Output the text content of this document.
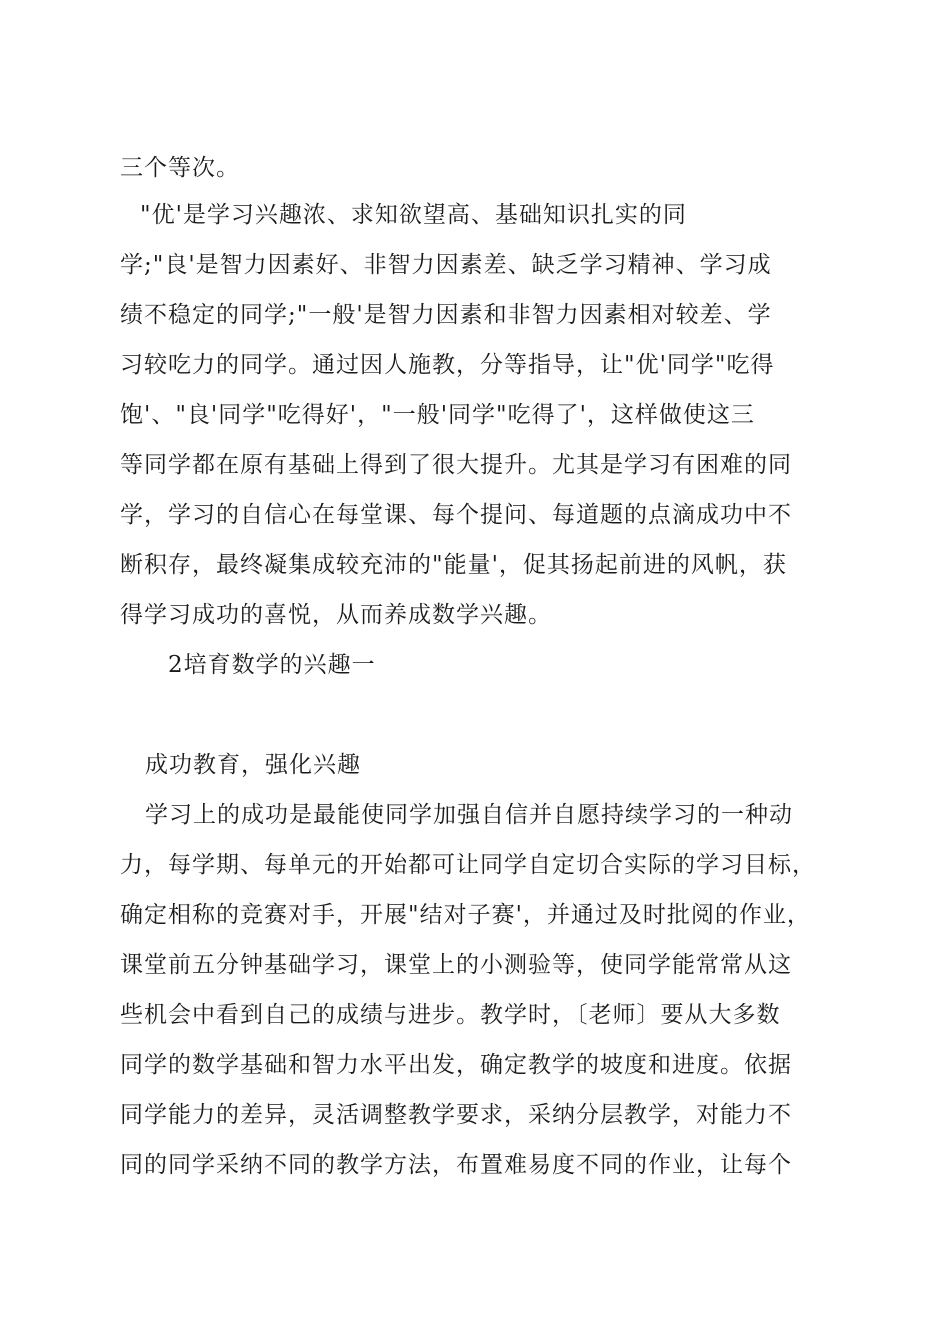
三个等次。
"优'是学习兴趣浓、求知欲望高、基础知识扎实的同
学;"良'是智力因素好、非智力因素差、缺乏学习精神、学习成
绩不稳定的同学;"一般'是智力因素和非智力因素相对较差、学
习较吃力的同学。通过因人施教，分等指导，让"优'同学"吃得
饱'、"良'同学"吃得好'，"一般'同学"吃得了'，这样做使这三
等同学都在原有基础上得到了很大提升。尤其是学习有困难的同
学，学习的自信心在每堂课、每个提问、每道题的点滴成功中不
断积存，最终凝集成较充沛的"能量'，促其扬起前进的风帆，获
得学习成功的喜悦，从而养成数学兴趣。
2培育数学的兴趣一
成功教育，强化兴趣
学习上的成功是最能使同学加强自信并自愿持续学习的一种动
力，每学期、每单元的开始都可让同学自定切合实际的学习目标，
确定相称的竞赛对手，开展"结对子赛'，并通过及时批阅的作业，
课堂前五分钟基础学习，课堂上的小测验等，使同学能常常从这
些机会中看到自己的成绩与进步。教学时，〔老师〕要从大多数
同学的数学基础和智力水平出发，确定教学的坡度和进度。依据
同学能力的差异，灵活调整教学要求，采纳分层教学，对能力不
同的同学采纳不同的教学方法，布置难易度不同的作业，让每个
